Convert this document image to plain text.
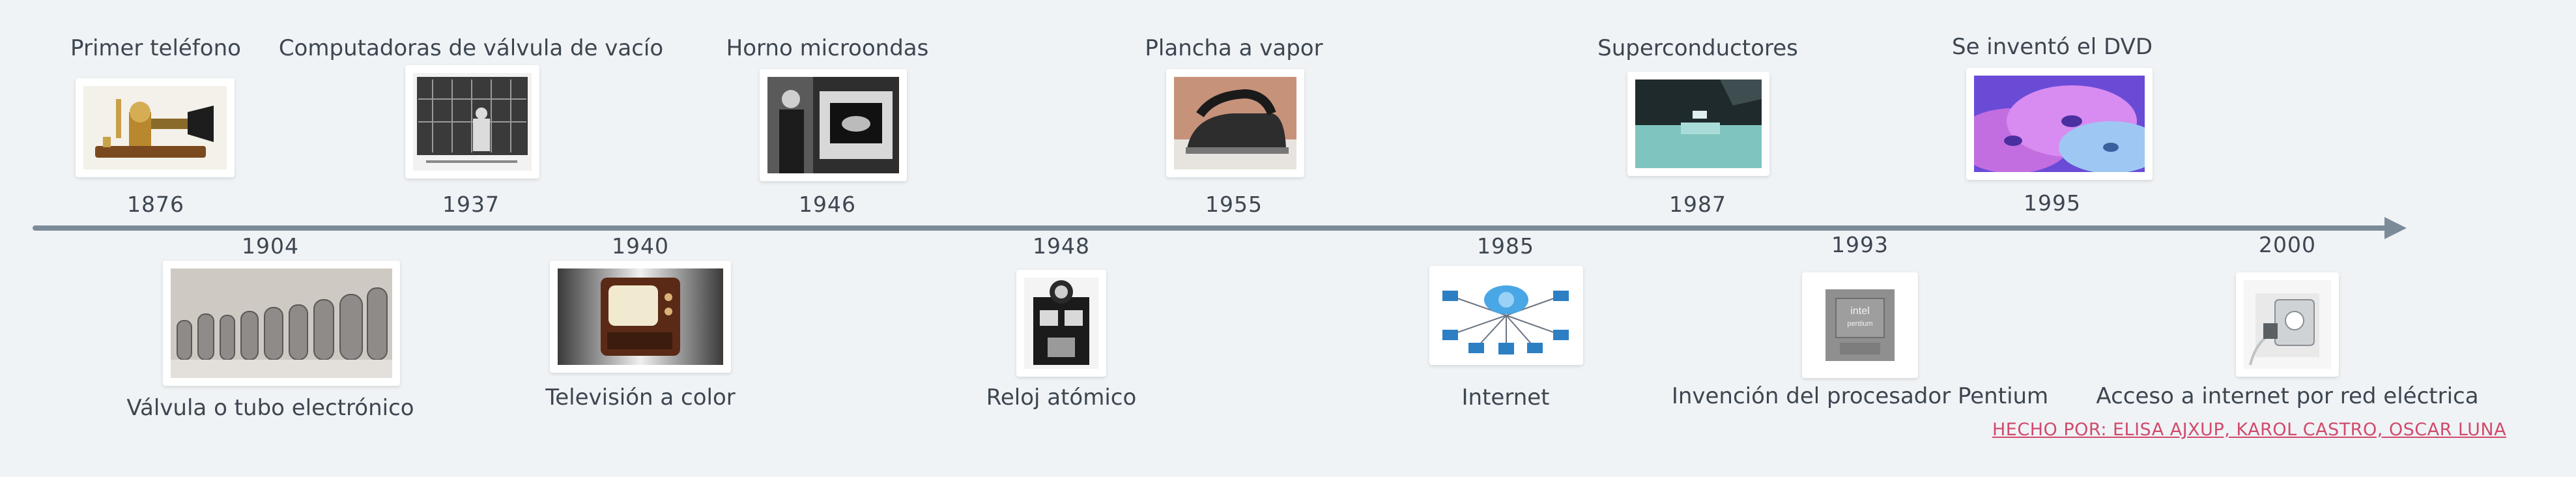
Primer teléfono
1876
Computadoras de válvula de vacío
1937
Horno microondas
1946
Plancha a vapor
1955
Superconductores
1987
Se inventó el DVD
1995
1904
Válvula o tubo electrónico
1940
Televisión a color
1948
Reloj atómico
1985
Internet
1993
intel
pentium
Invención del procesador Pentium
2000
Acceso a internet por red eléctrica
HECHO POR: ELISA AJXUP, KAROL CASTRO, OSCAR LUNA
